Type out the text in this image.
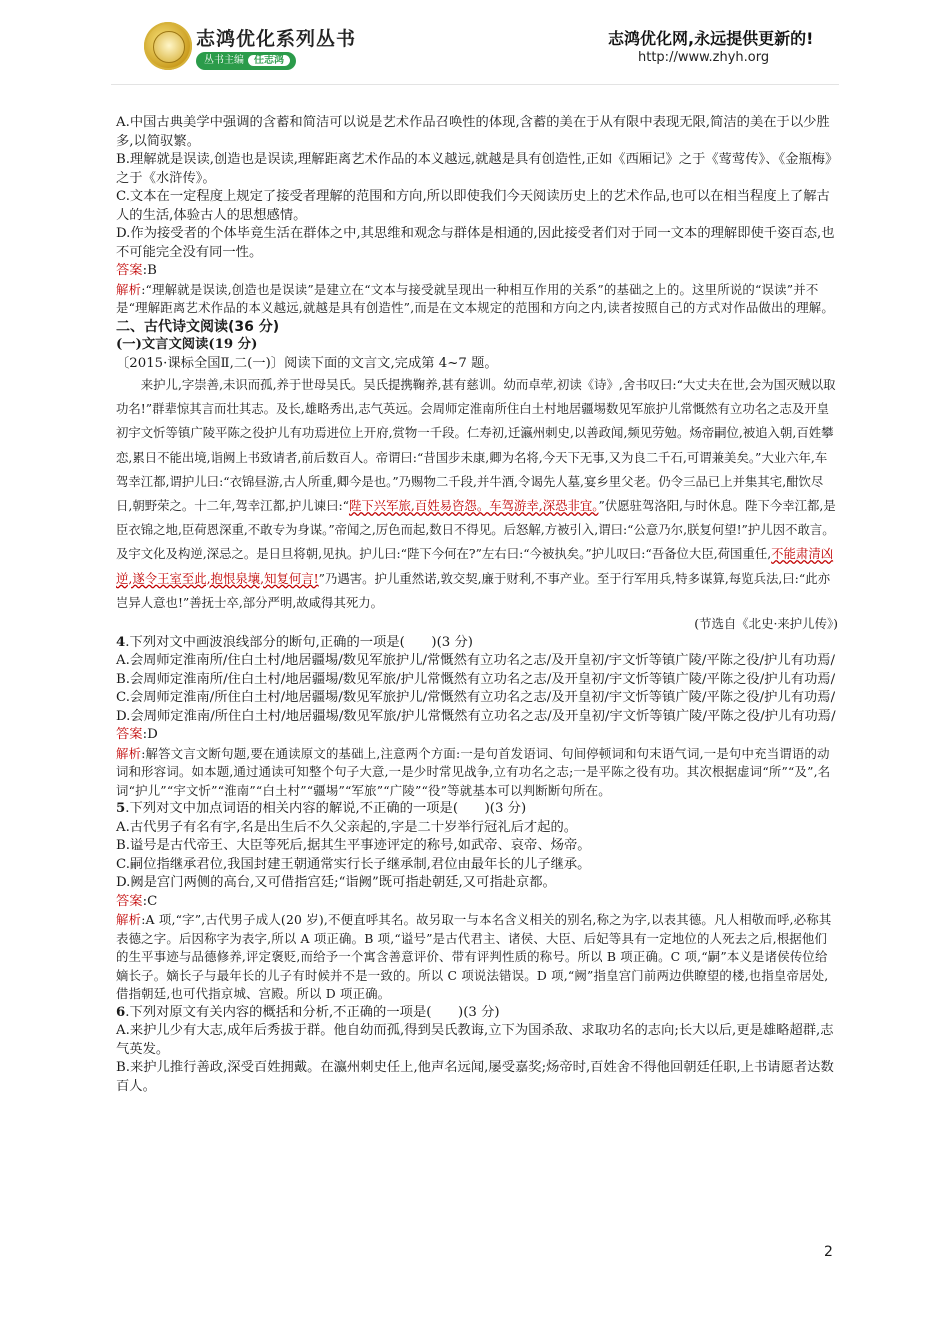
志鸿优化系列丛书
丛书主编 任志鸿
志鸿优化网,永远提供更新的!
http://www.zhyh.org

A.中国古典美学中强调的含蓄和简洁可以说是艺术作品召唤性的体现,含蓄的美在于从有限中表现无限,简洁的美在于以少胜多,以简驭繁。

B.理解就是误读,创造也是误读,理解距离艺术作品的本义越远,就越是具有创造性,正如《西厢记》之于《莺莺传》、《金瓶梅》之于《水浒传》。

C.文本在一定程度上规定了接受者理解的范围和方向,所以即使我们今天阅读历史上的艺术作品,也可以在相当程度上了解古人的生活,体验古人的思想感情。

D.作为接受者的个体毕竟生活在群体之中,其思维和观念与群体是相通的,因此接受者们对于同一文本的理解即使千姿百态,也不可能完全没有同一性。

答案:B

解析:“理解就是误读,创造也是误读”是建立在“文本与接受就呈现出一种相互作用的关系”的基础之上的。这里所说的“误读”并不是“理解距离艺术作品的本义越远,就越是具有创造性”,而是在文本规定的范围和方向之内,读者按照自己的方式对作品做出的理解。

二、古代诗文阅读(36 分)

(一)文言文阅读(19 分)

〔2015·课标全国Ⅱ,二(一)〕阅读下面的文言文,完成第 4~7 题。

　　来护儿,字崇善,未识而孤,养于世母吴氏。吴氏提携鞠养,甚有慈训。幼而卓荦,初读《诗》,舍书叹曰:“大丈夫在世,会为国灭贼以取功名!”群辈惊其言而壮其志。及长,雄略秀出,志气英远。会周师定淮南所住白土村地居疆埸数见军旅护儿常慨然有立功名之志及开皇初宇文忻等镇广陵平陈之役护儿有功焉进位上开府,赏物一千段。仁寿初,迁瀛州刺史,以善政闻,频见劳勉。炀帝嗣位,被追入朝,百姓攀恋,累日不能出境,诣阙上书致请者,前后数百人。帝谓曰:“昔国步未康,卿为名将,今天下无事,又为良二千石,可谓兼美矣。”大业六年,车驾幸江都,谓护儿曰:“衣锦昼游,古人所重,卿今是也。”乃赐物二千段,并牛酒,令谒先人墓,宴乡里父老。仍令三品已上并集其宅,酣饮尽日,朝野荣之。十二年,驾幸江都,护儿谏曰:“陛下兴军旅,百姓易咨怨。车驾游幸,深恐非宜。”伏愿驻驾洛阳,与时休息。陛下今幸江都,是臣衣锦之地,臣荷恩深重,不敢专为身谋。”帝闻之,厉色而起,数日不得见。后怒解,方被引入,谓曰:“公意乃尔,朕复何望!”护儿因不敢言。及宇文化及构逆,深忌之。是日旦将朝,见执。护儿曰:“陛下今何在?”左右曰:“今被执矣。”护儿叹曰:“吾备位大臣,荷国重任,不能肃清凶逆,遂令王室至此,抱恨泉壤,知复何言!”乃遇害。护儿重然诺,敦交契,廉于财利,不事产业。至于行军用兵,特多谋算,每览兵法,曰:“此亦岂异人意也!”善抚士卒,部分严明,故咸得其死力。

(节选自《北史·来护儿传》)

4.下列对文中画波浪线部分的断句,正确的一项是(　　)(3 分)

A.会周师定淮南所/住白土村/地居疆埸/数见军旅护儿/常慨然有立功名之志/及开皇初/宇文忻等镇广陵/平陈之役/护儿有功焉/

B.会周师定淮南所/住白土村/地居疆埸/数见军旅/护儿常慨然有立功名之志/及开皇初/宇文忻等镇广陵/平陈之役/护儿有功焉/

C.会周师定淮南/所住白土村/地居疆埸/数见军旅护儿/常慨然有立功名之志/及开皇初/宇文忻等镇广陵/平陈之役/护儿有功焉/

D.会周师定淮南/所住白土村/地居疆埸/数见军旅/护儿常慨然有立功名之志/及开皇初/宇文忻等镇广陵/平陈之役/护儿有功焉/

答案:D

解析:解答文言文断句题,要在通读原文的基础上,注意两个方面:一是句首发语词、句间停顿词和句末语气词,一是句中充当谓语的动词和形容词。如本题,通过通读可知整个句子大意,一是少时常见战争,立有功名之志;一是平陈之役有功。其次根据虚词“所”“及”,名词“护儿”“宇文忻”“淮南”“白土村”“疆埸”“军旅”“广陵”“役”等就基本可以判断断句所在。

5.下列对文中加点词语的相关内容的解说,不正确的一项是(　　)(3 分)

A.古代男子有名有字,名是出生后不久父亲起的,字是二十岁举行冠礼后才起的。

B.谥号是古代帝王、大臣等死后,据其生平事迹评定的称号,如武帝、哀帝、炀帝。

C.嗣位指继承君位,我国封建王朝通常实行长子继承制,君位由最年长的儿子继承。

D.阙是宫门两侧的高台,又可借指宫廷;“诣阙”既可指赴朝廷,又可指赴京都。

答案:C

解析:A 项,“字”,古代男子成人(20 岁),不便直呼其名。故另取一与本名含义相关的别名,称之为字,以表其德。凡人相敬而呼,必称其表德之字。后因称字为表字,所以 A 项正确。B 项,“谥号”是古代君主、诸侯、大臣、后妃等具有一定地位的人死去之后,根据他们的生平事迹与品德修养,评定褒贬,而给予一个寓含善意评价、带有评判性质的称号。所以 B 项正确。C 项,“嗣”本义是诸侯传位给嫡长子。嫡长子与最年长的儿子有时候并不是一致的。所以 C 项说法错误。D 项,“阙”指皇宫门前两边供瞭望的楼,也指皇帝居处,借指朝廷,也可代指京城、宫殿。所以 D 项正确。

6.下列对原文有关内容的概括和分析,不正确的一项是(　　)(3 分)

A.来护儿少有大志,成年后秀拔于群。他自幼而孤,得到吴氏教诲,立下为国杀敌、求取功名的志向;长大以后,更是雄略超群,志气英发。

B.来护儿推行善政,深受百姓拥戴。在瀛州刺史任上,他声名远闻,屡受嘉奖;炀帝时,百姓舍不得他回朝廷任职,上书请愿者达数百人。

2
